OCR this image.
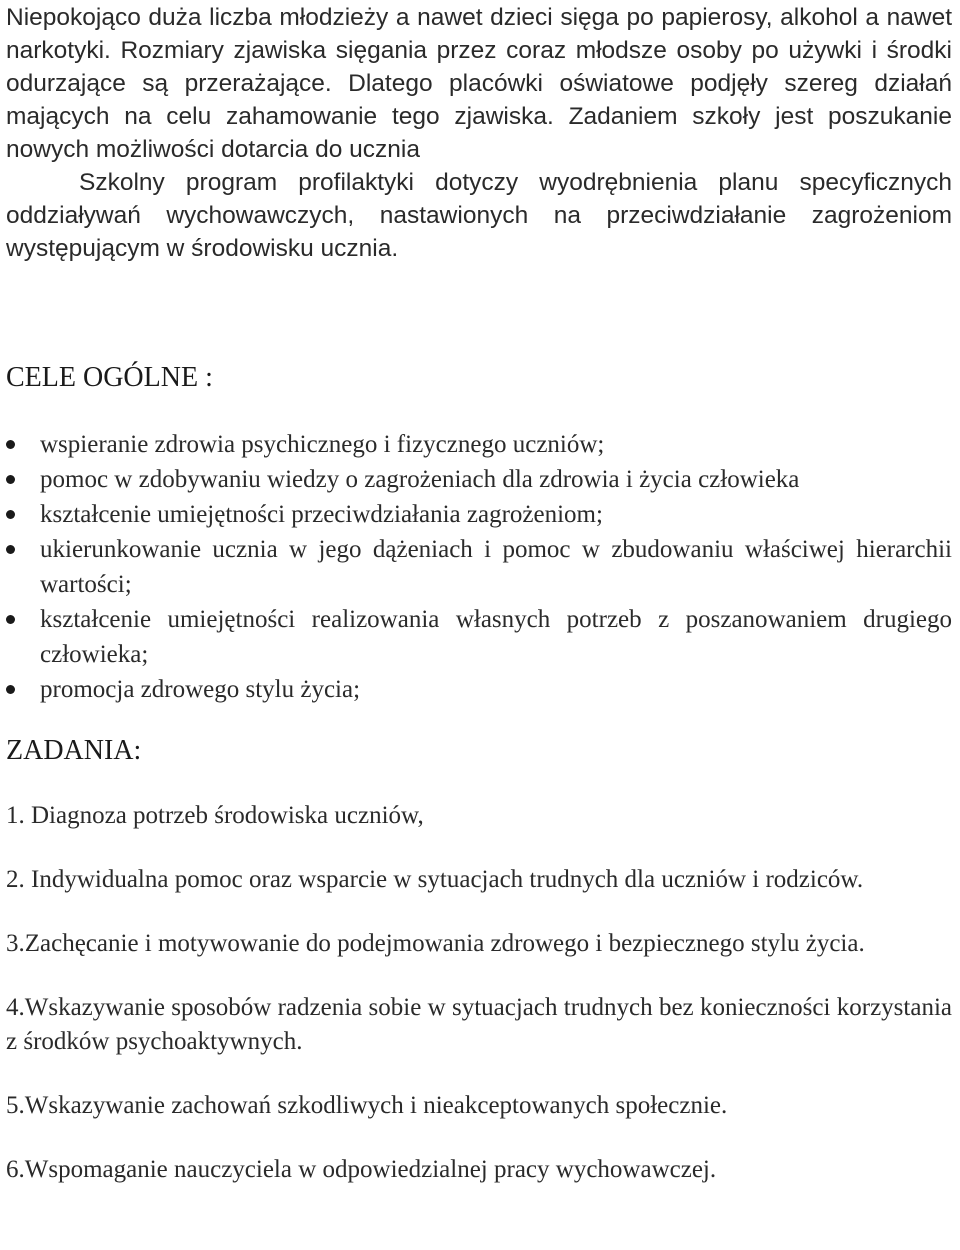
Niepokojąco duża liczba młodzieży a nawet dzieci sięga po papierosy, alkohol a nawet narkotyki. Rozmiary zjawiska sięgania przez coraz młodsze osoby po używki i środki odurzające są przerażające. Dlatego placówki oświatowe podjęły szereg działań mających na celu zahamowanie tego zjawiska. Zadaniem szkoły jest poszukanie nowych możliwości dotarcia do ucznia

Szkolny program profilaktyki dotyczy wyodrębnienia planu specyficznych oddziaływań wychowawczych, nastawionych na przeciwdziałanie zagrożeniom występującym w środowisku ucznia.

CELE OGÓLNE :
wspieranie zdrowia psychicznego i fizycznego uczniów;
pomoc w zdobywaniu wiedzy o zagrożeniach dla zdrowia i życia człowieka
kształcenie umiejętności przeciwdziałania zagrożeniom;
ukierunkowanie ucznia w jego dążeniach i pomoc w zbudowaniu właściwej hierarchii wartości;
kształcenie umiejętności realizowania własnych potrzeb z poszanowaniem drugiego człowieka;
promocja zdrowego stylu życia;
ZADANIA:

1. Diagnoza potrzeb środowiska uczniów,

2. Indywidualna pomoc oraz wsparcie w sytuacjach trudnych dla uczniów i rodziców.

3.Zachęcanie i motywowanie do podejmowania zdrowego i bezpiecznego stylu życia.

4.Wskazywanie sposobów radzenia sobie w sytuacjach trudnych bez konieczności korzystania z środków psychoaktywnych.

5.Wskazywanie zachowań szkodliwych i nieakceptowanych społecznie.

6.Wspomaganie nauczyciela w odpowiedzialnej pracy wychowawczej.
